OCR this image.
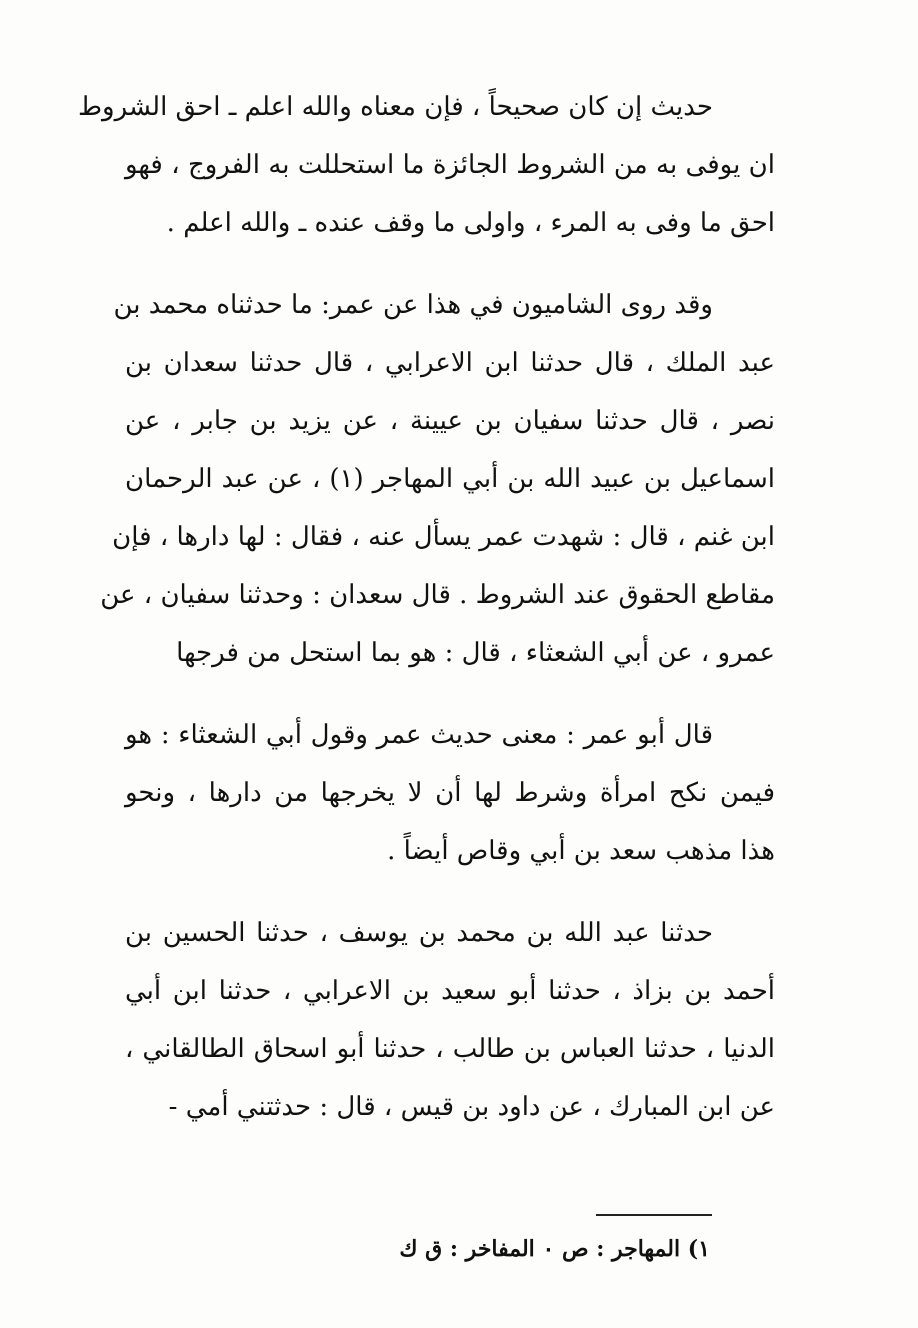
حديث إن كان صحيحاً ، فإن معناه والله اعلم ـ احق الشروط
ان يوفى به من الشروط الجائزة ما استحللت به الفروج ، فهو
احق ما وفى به المرء ، واولى ما وقف عنده ـ والله اعلم .
وقد روى الشاميون في هذا عن عمر: ما حدثناه محمد بن
عبد الملك ، قال حدثنا ابن الاعرابي ، قال حدثنا سعدان بن
نصر ، قال حدثنا سفيان بن عيينة ، عن يزيد بن جابر ، عن
اسماعيل بن عبيد الله بن أبي المهاجر (١) ، عن عبد الرحمان
ابن غنم ، قال : شهدت عمر يسأل عنه ، فقال : لها دارها ، فإن
مقاطع الحقوق عند الشروط . قال سعدان : وحدثنا سفيان ، عن
عمرو ، عن أبي الشعثاء ، قال : هو بما استحل من فرجها
قال أبو عمر : معنى حديث عمر وقول أبي الشعثاء : هو
فيمن نكح امرأة وشرط لها أن لا يخرجها من دارها ، ونحو
هذا مذهب سعد بن أبي وقاص أيضاً .
حدثنا عبد الله بن محمد بن يوسف ، حدثنا الحسين بن
أحمد بن بزاذ ، حدثنا أبو سعيد بن الاعرابي ، حدثنا ابن أبي
الدنيا ، حدثنا العباس بن طالب ، حدثنا أبو اسحاق الطالقاني ،
عن ابن المبارك ، عن داود بن قيس ، قال : حدثتني أمي -
١) المهاجر : ص ٠ المفاخر : ق ك
